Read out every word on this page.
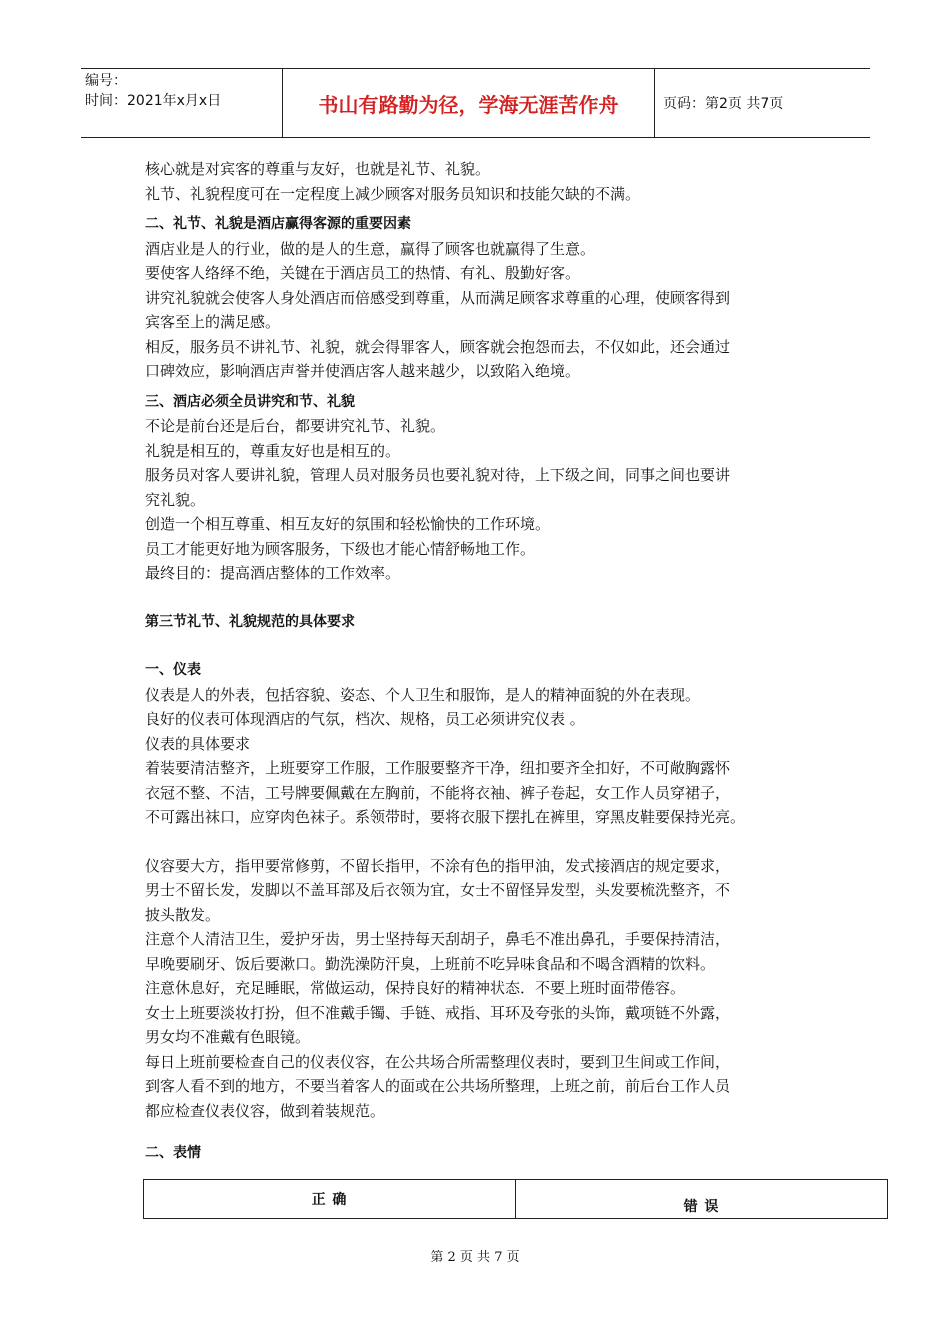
编号：
时间：2021年x月x日	书山有路勤为径，学海无涯苦作舟	页码：第2页 共7页
核心就是对宾客的尊重与友好，也就是礼节、礼貌。
礼节、礼貌程度可在一定程度上减少顾客对服务员知识和技能欠缺的不满。
二、礼节、礼貌是酒店赢得客源的重要因素
酒店业是人的行业，做的是人的生意，赢得了顾客也就赢得了生意。
要使客人络绎不绝，关键在于酒店员工的热情、有礼、殷勤好客。
讲究礼貌就会使客人身处酒店而倍感受到尊重，从而满足顾客求尊重的心理，使顾客得到
宾客至上的满足感。
相反，服务员不讲礼节、礼貌，就会得罪客人，顾客就会抱怨而去，不仅如此，还会通过
口碑效应，影响酒店声誉并使酒店客人越来越少，以致陷入绝境。
三、酒店必须全员讲究和节、礼貌
不论是前台还是后台，都要讲究礼节、礼貌。
礼貌是相互的，尊重友好也是相互的。
服务员对客人要讲礼貌，管理人员对服务员也要礼貌对待，上下级之间，同事之间也要讲
究礼貌。
创造一个相互尊重、相互友好的氛围和轻松愉快的工作环境。
员工才能更好地为顾客服务，下级也才能心情舒畅地工作。
最终目的：提高酒店整体的工作效率。
第三节礼节、礼貌规范的具体要求
一、仪表
仪表是人的外表，包括容貌、姿态、个人卫生和服饰，是人的精神面貌的外在表现。
良好的仪表可体现酒店的气氛，档次、规格，员工必须讲究仪表 。
仪表的具体要求
着装要清洁整齐，上班要穿工作服，工作服要整齐干净，纽扣要齐全扣好，不可敞胸露怀
衣冠不整、不洁，工号牌要佩戴在左胸前，不能将衣袖、裤子卷起，女工作人员穿裙子，
不可露出袜口，应穿肉色袜子。系领带时，要将衣服下摆扎在裤里，穿黑皮鞋要保持光亮。
仪容要大方，指甲要常修剪，不留长指甲，不涂有色的指甲油，发式接酒店的规定要求，
男士不留长发，发脚以不盖耳部及后衣领为宜，女士不留怪异发型，头发要梳洗整齐，不
披头散发。
注意个人清洁卫生，爱护牙齿，男士坚持每天刮胡子，鼻毛不准出鼻孔，手要保持清洁，
早晚要刷牙、饭后要漱口。勤洗澡防汗臭，上班前不吃异味食品和不喝含酒精的饮料。
注意休息好，充足睡眠，常做运动，保持良好的精神状态．不要上班时面带倦容。
女士上班要淡妆打扮，但不准戴手镯、手链、戒指、耳环及夸张的头饰，戴项链不外露，
男女均不准戴有色眼镜。
每日上班前要检查自己的仪表仪容，在公共场合所需整理仪表时，要到卫生间或工作间，
到客人看不到的地方，不要当着客人的面或在公共场所整理，上班之前，前后台工作人员
都应检查仪表仪容，做到着装规范。
二、表情
正 确	错 误
第 2 页 共 7 页
